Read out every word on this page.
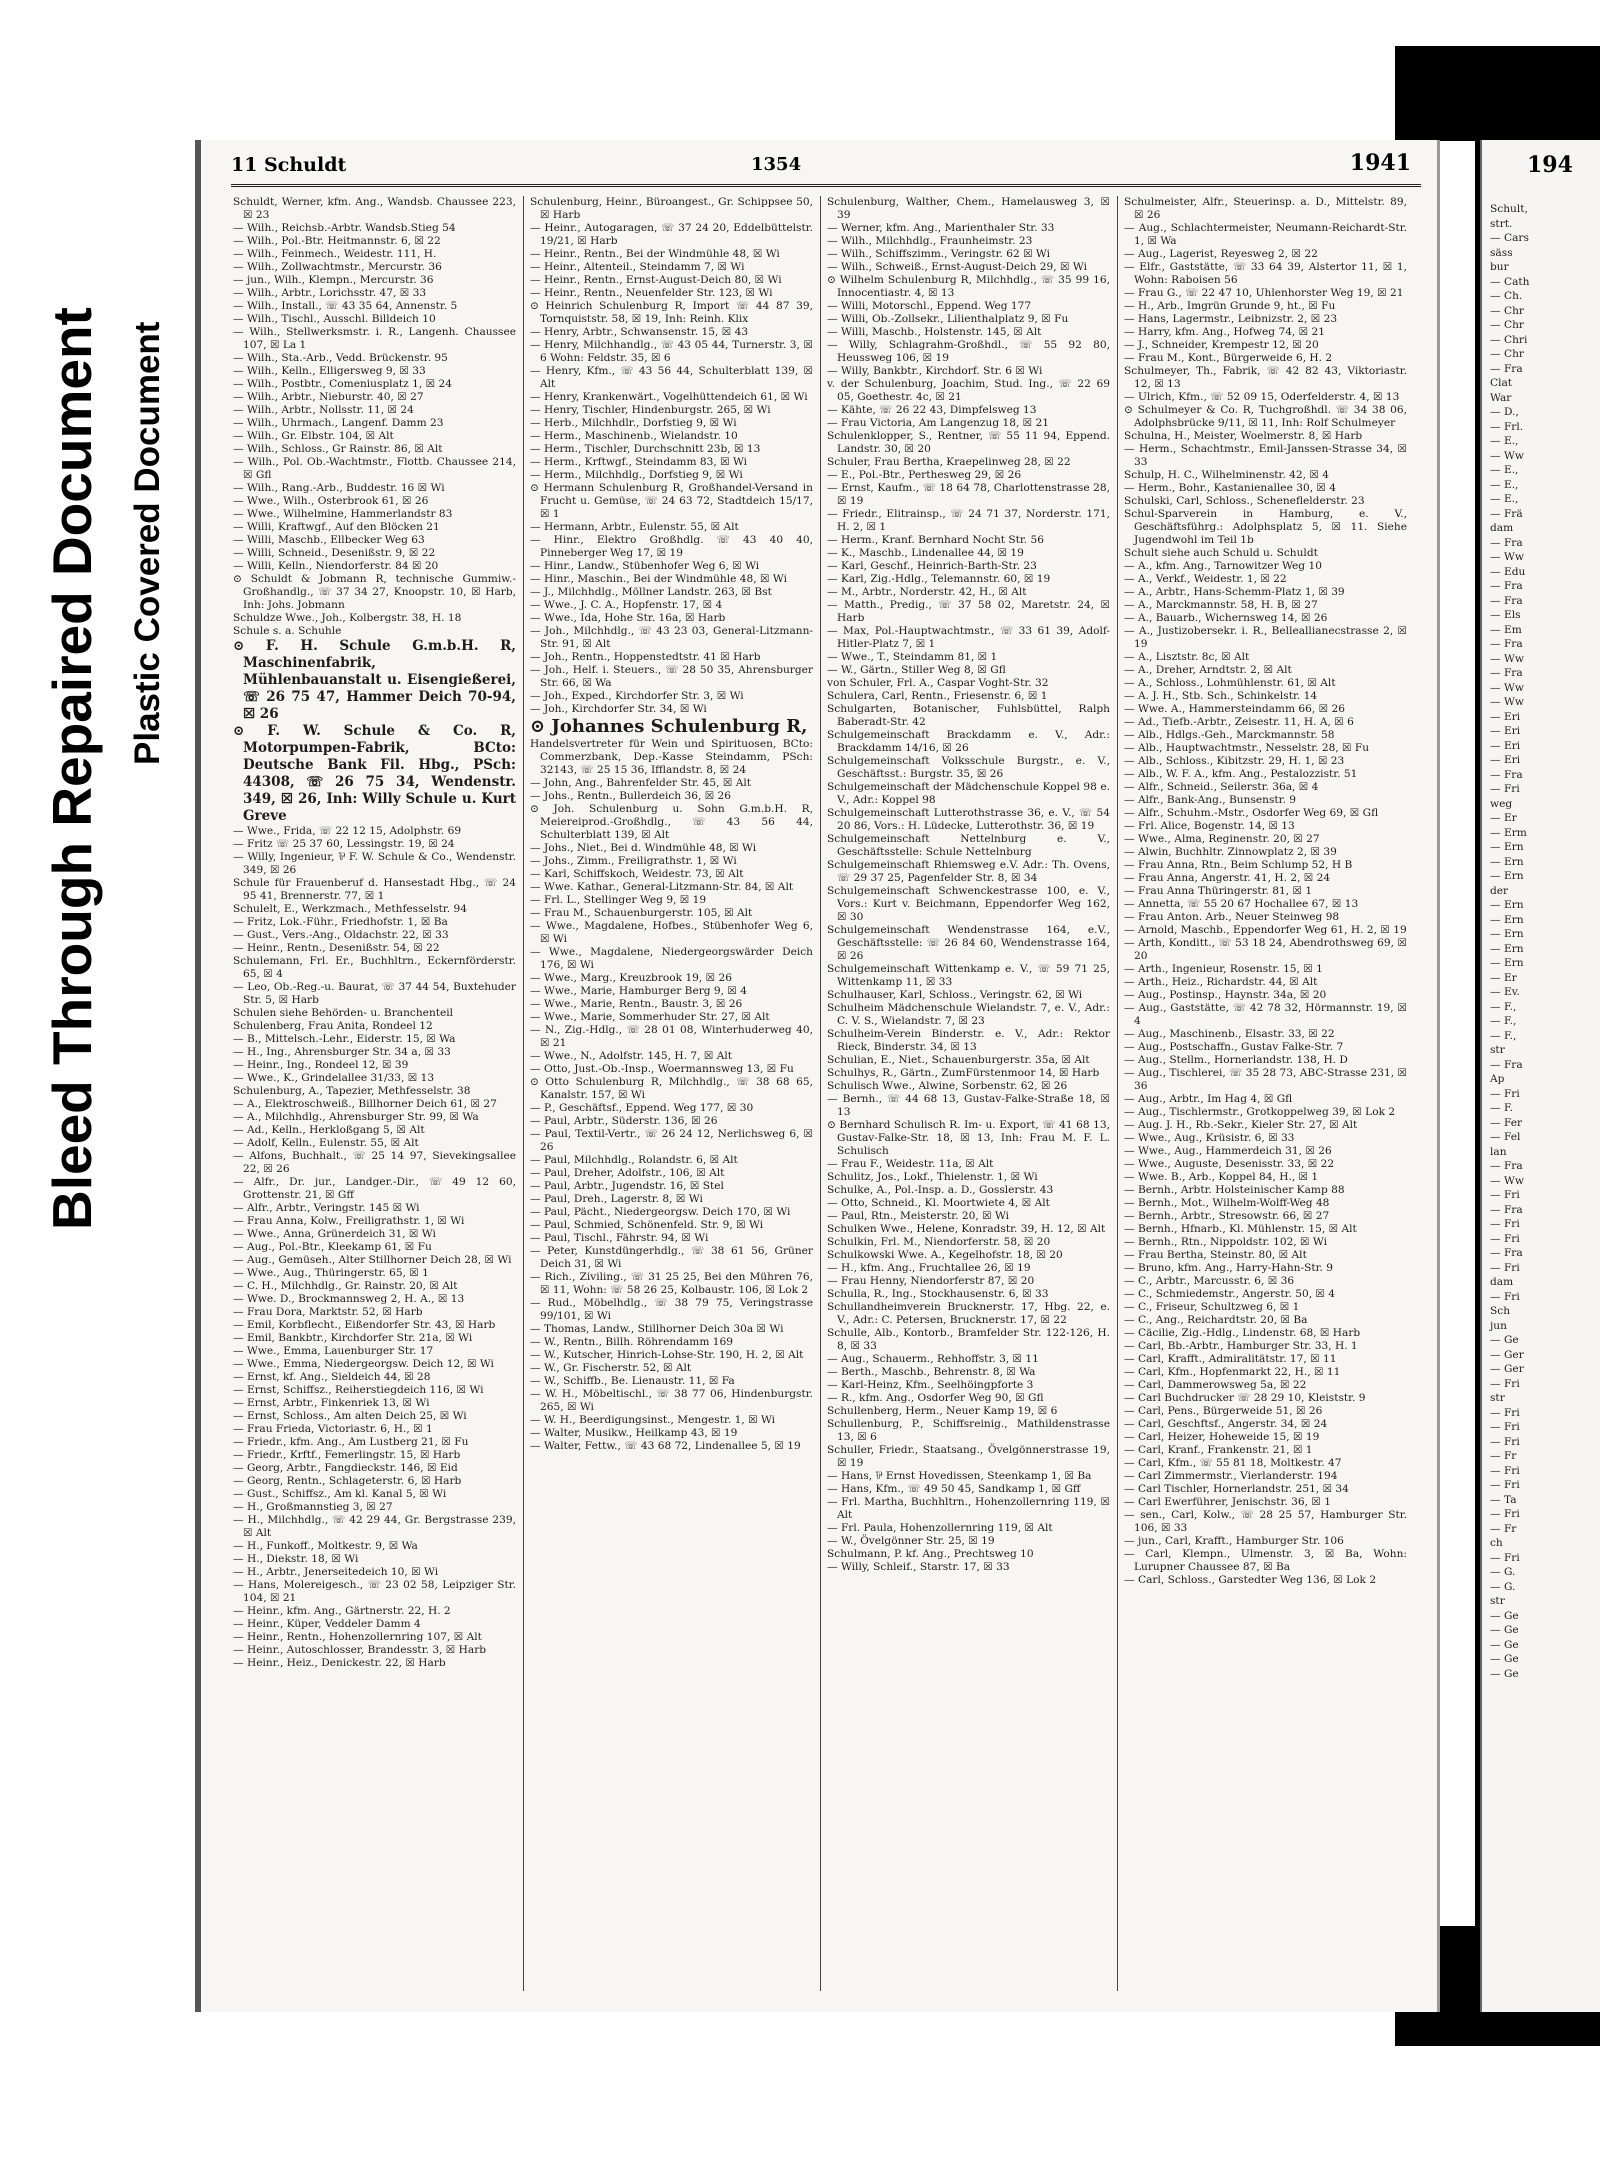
Bleed Through Repaired Document Plastic Covered Document
11 Schuldt	1354	1941

Schuldt, Werner, kfm. Ang., Wandsb. Chaussee 223, ☒ 23

— Wilh., Reichsb.-Arbtr. Wandsb.Stieg 54

— Wilh., Pol.-Btr. Heitmannstr. 6, ☒ 22

— Wilh., Feinmech., Weidestr. 111, H.

— Wilh., Zollwachtmstr., Mercurstr. 36

— jun., Wilh., Klempn., Mercurstr. 36

— Wilh., Arbtr., Lorichsstr. 47, ☒ 33

— Wilh., Install., ☏ 43 35 64, Annenstr. 5

— Wilh., Tischl., Ausschl. Billdeich 10

— Wilh., Stellwerksmstr. i. R., Langenh. Chaussee 107, ☒ La 1

— Wilh., Sta.-Arb., Vedd. Brückenstr. 95

— Wilh., Kelln., Elligersweg 9, ☒ 33

— Wilh., Postbtr., Comeniusplatz 1, ☒ 24

— Wilh., Arbtr., Nieburstr. 40, ☒ 27

— Wilh., Arbtr., Nollsstr. 11, ☒ 24

— Wilh., Uhrmach., Langenf. Damm 23

— Wilh., Gr. Elbstr. 104, ☒ Alt

— Wilh., Schloss., Gr Rainstr. 86, ☒ Alt

— Wilh., Pol. Ob.-Wachtmstr., Flottb. Chaussee 214, ☒ Gfl

— Wilh., Rang.-Arb., Buddestr. 16 ☒ Wi

— Wwe., Wilh., Osterbrook 61, ☒ 26

— Wwe., Wilhelmine, Hammerlandstr 83

— Willi, Kraftwgf., Auf den Blöcken 21

— Willi, Maschb., Ellbecker Weg 63

— Willi, Schneid., Desenißstr. 9, ☒ 22

— Willi, Kelln., Niendorferstr. 84 ☒ 20

⊙ Schuldt & Jobmann R, technische Gummiw.-Großhandlg., ☏ 37 34 27, Knoopstr. 10, ☒ Harb, Inh: Johs. Jobmann

Schuldze Wwe., Joh., Kolbergstr. 38, H. 18

Schule s. a. Schuhle

⊙ F. H. Schule G.m.b.H. R, Maschinenfabrik, Mühlenbauanstalt u. Eisengießerei, ☏ 26 75 47, Hammer Deich 70-94, ☒ 26

⊙ F. W. Schule & Co. R, Motorpumpen-Fabrik, BCto: Deutsche Bank Fil. Hbg., PSch: 44308, ☏ 26 75 34, Wendenstr. 349, ☒ 26, Inh: Willy Schule u. Kurt Greve

— Wwe., Frida, ☏ 22 12 15, Adolphstr. 69

— Fritz ☏ 25 37 60, Lessingstr. 19, ☒ 24

— Willy, Ingenieur, ⅌ F. W. Schule & Co., Wendenstr. 349, ☒ 26

Schule für Frauenberuf d. Hansestadt Hbg., ☏ 24 95 41, Brennerstr. 77, ☒ 1

Schulelt, E., Werkzmach., Methfesselstr. 94

— Fritz, Lok.-Führ., Friedhofstr. 1, ☒ Ba

— Gust., Vers.-Ang., Oldachstr. 22, ☒ 33

— Heinr., Rentn., Desenißstr. 54, ☒ 22

Schulemann, Frl. Er., Buchhltrn., Eckernförderstr. 65, ☒ 4

— Leo, Ob.-Reg.-u. Baurat, ☏ 37 44 54, Buxtehuder Str. 5, ☒ Harb

Schulen siehe Behörden- u. Branchenteil

Schulenberg, Frau Anita, Rondeel 12

— B., Mittelsch.-Lehr., Eiderstr. 15, ☒ Wa

— H., Ing., Ahrensburger Str. 34 a, ☒ 33

— Heinr., Ing., Rondeel 12, ☒ 39

— Wwe., K., Grindelallee 31/33, ☒ 13

Schulenburg, A., Tapezier, Methfesselstr. 38

— A., Elektroschweiß., Billhorner Deich 61, ☒ 27

— A., Milchhdlg., Ahrensburger Str. 99, ☒ Wa

— Ad., Kelln., Herkloßgang 5, ☒ Alt

— Adolf, Kelln., Eulenstr. 55, ☒ Alt

— Alfons, Buchhalt., ☏ 25 14 97, Sievekingsallee 22, ☒ 26

— Alfr., Dr. jur., Landger.-Dir., ☏ 49 12 60, Grottenstr. 21, ☒ Gff

— Alfr., Arbtr., Veringstr. 145 ☒ Wi

— Frau Anna, Kolw., Freiligrathstr. 1, ☒ Wi

— Wwe., Anna, Grünerdeich 31, ☒ Wi

— Aug., Pol.-Btr., Kleekamp 61, ☒ Fu

— Aug., Gemüseh., Alter Stillhorner Deich 28, ☒ Wi

— Wwe., Aug., Thüringerstr. 65, ☒ 1

— C. H., Milchhdlg., Gr. Rainstr. 20, ☒ Alt

— Wwe. D., Brockmannsweg 2, H. A., ☒ 13

— Frau Dora, Marktstr. 52, ☒ Harb

— Emil, Korbflecht., Eißendorfer Str. 43, ☒ Harb

— Emil, Bankbtr., Kirchdorfer Str. 21a, ☒ Wi

— Wwe., Emma, Lauenburger Str. 17

— Wwe., Emma, Niedergeorgsw. Deich 12, ☒ Wi

— Ernst, kf. Ang., Sieldeich 44, ☒ 28

— Ernst, Schiffsz., Reiherstiegdeich 116, ☒ Wi

— Ernst, Arbtr., Finkenriek 13, ☒ Wi

— Ernst, Schloss., Am alten Deich 25, ☒ Wi

— Frau Frieda, Victoriastr. 6, H., ☒ 1

— Friedr., kfm. Ang., Am Lustberg 21, ☒ Fu

— Friedr., Krftf., Femerlingstr. 15, ☒ Harb

— Georg, Arbtr., Fangdieckstr. 146, ☒ Eid

— Georg, Rentn., Schlageterstr. 6, ☒ Harb

— Gust., Schiffsz., Am kl. Kanal 5, ☒ Wi

— H., Großmannstieg 3, ☒ 27

— H., Milchhdlg., ☏ 42 29 44, Gr. Bergstrasse 239, ☒ Alt

— H., Funkoff., Moltkestr. 9, ☒ Wa

— H., Diekstr. 18, ☒ Wi

— H., Arbtr., Jenerseitedeich 10, ☒ Wi

— Hans, Molereigesch., ☏ 23 02 58, Leipziger Str. 104, ☒ 21

— Heinr., kfm. Ang., Gärtnerstr. 22, H. 2

— Heinr., Küper, Veddeler Damm 4

— Heinr., Rentn., Hohenzollernring 107, ☒ Alt

— Heinr., Autoschlosser, Brandesstr. 3, ☒ Harb

— Heinr., Heiz., Denickestr. 22, ☒ Harb

Schulenburg, Heinr., Büroangest., Gr. Schippsee 50, ☒ Harb

— Heinr., Autogaragen, ☏ 37 24 20, Eddelbüttelstr. 19/21, ☒ Harb

— Heinr., Rentn., Bei der Windmühle 48, ☒ Wi

— Heinr., Altenteil., Steindamm 7, ☒ Wi

— Heinr., Rentn., Ernst-August-Deich 80, ☒ Wi

— Heinr., Rentn., Neuenfelder Str. 123, ☒ Wi

⊙ Heinrich Schulenburg R, Import ☏ 44 87 39, Tornquiststr. 58, ☒ 19, Inh: Reinh. Klix

— Henry, Arbtr., Schwansenstr. 15, ☒ 43

— Henry, Milchhandlg., ☏ 43 05 44, Turnerstr. 3, ☒ 6 Wohn: Feldstr. 35, ☒ 6

— Henry, Kfm., ☏ 43 56 44, Schulterblatt 139, ☒ Alt

— Henry, Krankenwärt., Vogelhüttendeich 61, ☒ Wi

— Henry, Tischler, Hindenburgstr. 265, ☒ Wi

— Herb., Milchhdlr., Dorfstieg 9, ☒ Wi

— Herm., Maschinenb., Wielandstr. 10

— Herm., Tischler, Durchschnitt 23b, ☒ 13

— Herm., Krftwgf., Steindamm 83, ☒ Wi

— Herm., Milchhdlg., Dorfstieg 9, ☒ Wi

⊙ Hermann Schulenburg R, Großhandel-Versand in Frucht u. Gemüse, ☏ 24 63 72, Stadtdeich 15/17, ☒ 1

— Hermann, Arbtr., Eulenstr. 55, ☒ Alt

— Hinr., Elektro Großhdlg. ☏ 43 40 40, Pinneberger Weg 17, ☒ 19

— Hinr., Landw., Stübenhofer Weg 6, ☒ Wi

— Hinr., Maschin., Bei der Windmühle 48, ☒ Wi

— J., Milchhdlg., Möllner Landstr. 263, ☒ Bst

— Wwe., J. C. A., Hopfenstr. 17, ☒ 4

— Wwe., Ida, Hohe Str. 16a, ☒ Harb

— Joh., Milchhdlg., ☏ 43 23 03, General-Litzmann-Str. 91, ☒ Alt

— Joh., Rentn., Hoppenstedtstr. 41 ☒ Harb

— Joh., Helf. i. Steuers., ☏ 28 50 35, Ahrensburger Str. 66, ☒ Wa

— Joh., Exped., Kirchdorfer Str. 3, ☒ Wi

— Joh., Kirchdorfer Str. 34, ☒ Wi

⊙ Johannes Schulenburg R,

Handelsvertreter für Wein und Spirituosen, BCto: Commerzbank, Dep.-Kasse Steindamm, PSch: 32143, ☏ 25 15 36, Ifflandstr. 8, ☒ 24

— John, Ang., Bahrenfelder Str. 45, ☒ Alt

— Johs., Rentn., Bullerdeich 36, ☒ 26

⊙ Joh. Schulenburg u. Sohn G.m.b.H. R, Meiereiprod.-Großhdlg., ☏ 43 56 44, Schulterblatt 139, ☒ Alt

— Johs., Niet., Bei d. Windmühle 48, ☒ Wi

— Johs., Zimm., Freiligrathstr. 1, ☒ Wi

— Karl, Schiffskoch, Weidestr. 73, ☒ Alt

— Wwe. Kathar., General-Litzmann-Str. 84, ☒ Alt

— Frl. L., Stellinger Weg 9, ☒ 19

— Frau M., Schauenburgerstr. 105, ☒ Alt

— Wwe., Magdalene, Hofbes., Stübenhofer Weg 6, ☒ Wi

— Wwe., Magdalene, Niedergeorgswärder Deich 176, ☒ Wi

— Wwe., Marg., Kreuzbrook 19, ☒ 26

— Wwe., Marie, Hamburger Berg 9, ☒ 4

— Wwe., Marie, Rentn., Baustr. 3, ☒ 26

— Wwe., Marie, Sommerhuder Str. 27, ☒ Alt

— N., Zig.-Hdlg., ☏ 28 01 08, Winterhuderweg 40, ☒ 21

— Wwe., N., Adolfstr. 145, H. 7, ☒ Alt

— Otto, Just.-Ob.-Insp., Woermannsweg 13, ☒ Fu

⊙ Otto Schulenburg R, Milchhdlg., ☏ 38 68 65, Kanalstr. 157, ☒ Wi

— P., Geschäftsf., Eppend. Weg 177, ☒ 30

— Paul, Arbtr., Süderstr. 136, ☒ 26

— Paul, Textil-Vertr., ☏ 26 24 12, Nerlichsweg 6, ☒ 26

— Paul, Milchhdlg., Rolandstr. 6, ☒ Alt

— Paul, Dreher, Adolfstr., 106, ☒ Alt

— Paul, Arbtr., Jugendstr. 16, ☒ Stel

— Paul, Dreh., Lagerstr. 8, ☒ Wi

— Paul, Pächt., Niedergeorgsw. Deich 170, ☒ Wi

— Paul, Schmied, Schönenfeld. Str. 9, ☒ Wi

— Paul, Tischl., Fährstr. 94, ☒ Wi

— Peter, Kunstdüngerhdlg., ☏ 38 61 56, Grüner Deich 31, ☒ Wi

— Rich., Ziviling., ☏ 31 25 25, Bei den Mühren 76, ☒ 11, Wohn: ☏ 58 26 25, Kolbaustr. 106, ☒ Lok 2

— Rud., Möbelhdlg., ☏ 38 79 75, Veringstrasse 99/101, ☒ Wi

— Thomas, Landw., Stillhorner Deich 30a ☒ Wi

— W., Rentn., Billh. Röhrendamm 169

— W., Kutscher, Hinrich-Lohse-Str. 190, H. 2, ☒ Alt

— W., Gr. Fischerstr. 52, ☒ Alt

— W., Schiffb., Be. Lienaustr. 11, ☒ Fa

— W. H., Möbeltischl., ☏ 38 77 06, Hindenburgstr. 265, ☒ Wi

— W. H., Beerdigungsinst., Mengestr. 1, ☒ Wi

— Walter, Musikw., Heilkamp 43, ☒ 19

— Walter, Fettw., ☏ 43 68 72, Lindenallee 5, ☒ 19

Schulenburg, Walther, Chem., Hamelausweg 3, ☒ 39

— Werner, kfm. Ang., Marienthaler Str. 33

— Wilh., Milchhdlg., Fraunheimstr. 23

— Wilh., Schiffszimm., Veringstr. 62 ☒ Wi

— Wilh., Schweiß., Ernst-August-Deich 29, ☒ Wi

⊙ Wilhelm Schulenburg R, Milchhdlg., ☏ 35 99 16, Innocentiastr. 4, ☒ 13

— Willi, Motorschl., Eppend. Weg 177

— Willi, Ob.-Zollsekr., Lilienthalplatz 9, ☒ Fu

— Willi, Maschb., Holstenstr. 145, ☒ Alt

— Willy, Schlagrahm-Großhdl., ☏ 55 92 80, Heussweg 106, ☒ 19

— Willy, Bankbtr., Kirchdorf. Str. 6 ☒ Wi

v. der Schulenburg, Joachim, Stud. Ing., ☏ 22 69 05, Goethestr. 4c, ☒ 21

— Kähte, ☏ 26 22 43, Dimpfelsweg 13

— Frau Victoria, Am Langenzug 18, ☒ 21

Schulenklopper, S., Rentner, ☏ 55 11 94, Eppend. Landstr. 30, ☒ 20

Schuler, Frau Bertha, Kraepelinweg 28, ☒ 22

— E., Pol.-Btr., Perthesweg 29, ☒ 26

— Ernst, Kaufm., ☏ 18 64 78, Charlottenstrasse 28, ☒ 19

— Friedr., Elitrainsp., ☏ 24 71 37, Norderstr. 171, H. 2, ☒ 1

— Herm., Kranf. Bernhard Nocht Str. 56

— K., Maschb., Lindenallee 44, ☒ 19

— Karl, Geschf., Heinrich-Barth-Str. 23

— Karl, Zig.-Hdlg., Telemannstr. 60, ☒ 19

— M., Arbtr., Norderstr. 42, H., ☒ Alt

— Matth., Predig., ☏ 37 58 02, Maretstr. 24, ☒ Harb

— Max, Pol.-Hauptwachtmstr., ☏ 33 61 39, Adolf-Hitler-Platz 7, ☒ 1

— Wwe., T., Steindamm 81, ☒ 1

— W., Gärtn., Stiller Weg 8, ☒ Gfl

von Schuler, Frl. A., Caspar Voght-Str. 32

Schulera, Carl, Rentn., Friesenstr. 6, ☒ 1

Schulgarten, Botanischer, Fuhlsbüttel, Ralph Baberadt-Str. 42

Schulgemeinschaft Brackdamm e. V., Adr.: Brackdamm 14/16, ☒ 26

Schulgemeinschaft Volksschule Burgstr., e. V., Geschäftsst.: Burgstr. 35, ☒ 26

Schulgemeinschaft der Mädchenschule Koppel 98 e. V., Adr.: Koppel 98

Schulgemeinschaft Lutterothstrasse 36, e. V., ☏ 54 20 86, Vors.: H. Lüdecke, Lutterothstr. 36, ☒ 19

Schulgemeinschaft Nettelnburg e. V., Geschäftsstelle: Schule Nettelnburg

Schulgemeinschaft Rhiemsweg e.V. Adr.: Th. Ovens, ☏ 29 37 25, Pagenfelder Str. 8, ☒ 34

Schulgemeinschaft Schwenckestrasse 100, e. V., Vors.: Kurt v. Beichmann, Eppendorfer Weg 162, ☒ 30

Schulgemeinschaft Wendenstrasse 164, e.V., Geschäftsstelle: ☏ 26 84 60, Wendenstrasse 164, ☒ 26

Schulgemeinschaft Wittenkamp e. V., ☏ 59 71 25, Wittenkamp 11, ☒ 33

Schulhauser, Karl, Schloss., Veringstr. 62, ☒ Wi

Schulheim Mädchenschule Wielandstr. 7, e. V., Adr.: C. V. S., Wielandstr. 7, ☒ 23

Schulheim-Verein Binderstr. e. V., Adr.: Rektor Rieck, Binderstr. 34, ☒ 13

Schulian, E., Niet., Schauenburgerstr. 35a, ☒ Alt

Schulhys, R., Gärtn., ZumFürstenmoor 14, ☒ Harb

Schulisch Wwe., Alwine, Sorbenstr. 62, ☒ 26

— Bernh., ☏ 44 68 13, Gustav-Falke-Straße 18, ☒ 13

⊙ Bernhard Schulisch R. Im- u. Export, ☏ 41 68 13, Gustav-Falke-Str. 18, ☒ 13, Inh: Frau M. F. L. Schulisch

— Frau F., Weidestr. 11a, ☒ Alt

Schulitz, Jos., Lokf., Thielenstr. 1, ☒ Wi

Schulke, A., Pol.-Insp. a. D., Gosslerstr. 43

— Otto, Schneid., Kl. Moortwiete 4, ☒ Alt

— Paul, Rtn., Meisterstr. 20, ☒ Wi

Schulken Wwe., Helene, Konradstr. 39, H. 12, ☒ Alt

Schulkin, Frl. M., Niendorferstr. 58, ☒ 20

Schulkowski Wwe. A., Kegelhofstr. 18, ☒ 20

— H., kfm. Ang., Fruchtallee 26, ☒ 19

— Frau Henny, Niendorferstr 87, ☒ 20

Schulla, R., Ing., Stockhausenstr. 6, ☒ 33

Schullandheimverein Brucknerstr. 17, Hbg. 22, e. V., Adr.: C. Petersen, Brucknerstr. 17, ☒ 22

Schulle, Alb., Kontorb., Bramfelder Str. 122-126, H. 8, ☒ 33

— Aug., Schauerm., Rehhoffstr. 3, ☒ 11

— Berth., Maschb., Behrenstr. 8, ☒ Wa

— Karl-Heinz, Kfm., Seelhöingpforte 3

— R., kfm. Ang., Osdorfer Weg 90, ☒ Gfl

Schullenberg, Herm., Neuer Kamp 19, ☒ 6

Schullenburg, P., Schiffsreinig., Mathildenstrasse 13, ☒ 6

Schuller, Friedr., Staatsang., Övelgönnerstrasse 19, ☒ 19

— Hans, ⅌ Ernst Hovedissen, Steenkamp 1, ☒ Ba

— Hans, Kfm., ☏ 49 50 45, Sandkamp 1, ☒ Gff

— Frl. Martha, Buchhltrn., Hohenzollernring 119, ☒ Alt

— Frl. Paula, Hohenzollernring 119, ☒ Alt

— W., Övelgönner Str. 25, ☒ 19

Schulmann, P. kf. Ang., Prechtsweg 10

— Willy, Schleif., Starstr. 17, ☒ 33

Schulmeister, Alfr., Steuerinsp. a. D., Mittelstr. 89, ☒ 26

— Aug., Schlachtermeister, Neumann-Reichardt-Str. 1, ☒ Wa

— Aug., Lagerist, Reyesweg 2, ☒ 22

— Elfr., Gaststätte, ☏ 33 64 39, Alstertor 11, ☒ 1, Wohn: Raboisen 56

— Frau G., ☏ 22 47 10, Uhlenhorster Weg 19, ☒ 21

— H., Arb., Imgrün Grunde 9, ht., ☒ Fu

— Hans, Lagermstr., Leibnizstr. 2, ☒ 23

— Harry, kfm. Ang., Hofweg 74, ☒ 21

— J., Schneider, Krempestr 12, ☒ 20

— Frau M., Kont., Bürgerweide 6, H. 2

Schulmeyer, Th., Fabrik, ☏ 42 82 43, Viktoriastr. 12, ☒ 13

— Ulrich, Kfm., ☏ 52 09 15, Oderfelderstr. 4, ☒ 13

⊙ Schulmeyer & Co. R, Tuchgroßhdl. ☏ 34 38 06, Adolphsbrücke 9/11, ☒ 11, Inh: Rolf Schulmeyer

Schulna, H., Meister, Woelmerstr. 8, ☒ Harb

— Herm., Schachtmstr., Emil-Janssen-Strasse 34, ☒ 33

Schulp, H. C., Wilhelminenstr. 42, ☒ 4

— Herm., Bohr., Kastanienallee 30, ☒ 4

Schulski, Carl, Schloss., Scheneflelderstr. 23

Schul-Sparverein in Hamburg, e. V., Geschäftsführg.: Adolphsplatz 5, ☒ 11. Siehe Jugendwohl im Teil 1b

Schult siehe auch Schuld u. Schuldt

— A., kfm. Ang., Tarnowitzer Weg 10

— A., Verkf., Weidestr. 1, ☒ 22

— A., Arbtr., Hans-Schemm-Platz 1, ☒ 39

— A., Marckmannstr. 58, H. B, ☒ 27

— A., Bauarb., Wichernsweg 14, ☒ 26

— A., Justizobersekr. i. R., Belleallianecstrasse 2, ☒ 19

— A., Lisztstr. 8c, ☒ Alt

— A., Dreher, Arndtstr. 2, ☒ Alt

— A., Schloss., Lohmühlenstr. 61, ☒ Alt

— A. J. H., Stb. Sch., Schinkelstr. 14

— Wwe. A., Hammersteindamm 66, ☒ 26

— Ad., Tiefb.-Arbtr., Zeisestr. 11, H. A, ☒ 6

— Alb., Hdlgs.-Geh., Marckmannstr. 58

— Alb., Hauptwachtmstr., Nesselstr. 28, ☒ Fu

— Alb., Schloss., Kibitzstr. 29, H. 1, ☒ 23

— Alb., W. F. A., kfm. Ang., Pestalozzistr. 51

— Alfr., Schneid., Seilerstr. 36a, ☒ 4

— Alfr., Bank-Ang., Bunsenstr. 9

— Alfr., Schuhm.-Mstr., Osdorfer Weg 69, ☒ Gfl

— Frl. Alice, Bogenstr. 14, ☒ 13

— Wwe., Alma, Reginenstr. 20, ☒ 27

— Alwin, Buchhltr. Zinnowplatz 2, ☒ 39

— Frau Anna, Rtn., Beim Schlump 52, H B

— Frau Anna, Angerstr. 41, H. 2, ☒ 24

— Frau Anna Thüringerstr. 81, ☒ 1

— Annetta, ☏ 55 20 67 Hochallee 67, ☒ 13

— Frau Anton. Arb., Neuer Steinweg 98

— Arnold, Maschb., Eppendorfer Weg 61, H. 2, ☒ 19

— Arth, Konditt., ☏ 53 18 24, Abendrothsweg 69, ☒ 20

— Arth., Ingenieur, Rosenstr. 15, ☒ 1

— Arth., Heiz., Richardstr. 44, ☒ Alt

— Aug., Postinsp., Haynstr. 34a, ☒ 20

— Aug., Gaststätte, ☏ 42 78 32, Hörmannstr. 19, ☒ 4

— Aug., Maschinenb., Elsastr. 33, ☒ 22

— Aug., Postschaffn., Gustav Falke-Str. 7

— Aug., Stellm., Hornerlandstr. 138, H. D

— Aug., Tischlerei, ☏ 35 28 73, ABC-Strasse 231, ☒ 36

— Aug., Arbtr., Im Hag 4, ☒ Gfl

— Aug., Tischlermstr., Grotkoppelweg 39, ☒ Lok 2

— Aug. J. H., Rb.-Sekr., Kieler Str. 27, ☒ Alt

— Wwe., Aug., Krüsistr. 6, ☒ 33

— Wwe., Aug., Hammerdeich 31, ☒ 26

— Wwe., Auguste, Desenisstr. 33, ☒ 22

— Wwe. B., Arb., Koppel 84, H., ☒ 1

— Bernh., Arbtr. Holsteinischer Kamp 88

— Bernh., Mot., Wilhelm-Wolff-Weg 48

— Bernh., Arbtr., Stresowstr. 66, ☒ 27

— Bernh., Hfnarb., Kl. Mühlenstr. 15, ☒ Alt

— Bernh., Rtn., Nippoldstr. 102, ☒ Wi

— Frau Bertha, Steinstr. 80, ☒ Alt

— Bruno, kfm. Ang., Harry-Hahn-Str. 9

— C., Arbtr., Marcusstr. 6, ☒ 36

— C., Schmiedemstr., Angerstr. 50, ☒ 4

— C., Friseur, Schultzweg 6, ☒ 1

— C., Ang., Reichardtstr. 20, ☒ Ba

— Cäcilie, Zig.-Hdlg., Lindenstr. 68, ☒ Harb

— Carl, Bb.-Arbtr., Hamburger Str. 33, H. 1

— Carl, Krafft., Admiralitätstr. 17, ☒ 11

— Carl, Kfm., Hopfenmarkt 22, H., ☒ 11

— Carl, Dammerowsweg 5a, ☒ 22

— Carl Buchdrucker ☏ 28 29 10, Kleiststr. 9

— Carl, Pens., Bürgerweide 51, ☒ 26

— Carl, Geschftsf., Angerstr. 34, ☒ 24

— Carl, Heizer, Hoheweide 15, ☒ 19

— Carl, Kranf., Frankenstr. 21, ☒ 1

— Carl, Kfm., ☏ 55 81 18, Moltkestr. 47

— Carl Zimmermstr., Vierlanderstr. 194

— Carl Tischler, Hornerlandstr. 251, ☒ 34

— Carl Ewerführer, Jenischstr. 36, ☒ 1

— sen., Carl, Kolw., ☏ 28 25 57, Hamburger Str. 106, ☒ 33

— jun., Carl, Krafft., Hamburger Str. 106

— Carl, Klempn., Ulmenstr. 3, ☒ Ba, Wohn: Lurupner Chaussee 87, ☒ Ba

— Carl, Schloss., Garstedter Weg 136, ☒ Lok 2

194
Schult,
strt.
— Cars
säss
bur
— Cath
— Ch.
— Chr
— Chr
— Chri
— Chr
— Fra
Clat
War
— D.,
— Frl.
— E.,
— Ww
— E.,
— E.,
— E.,
— Frä
dam
— Fra
— Ww
— Edu
— Fra
— Fra
— Els
— Em
— Fra
— Ww
— Fra
— Ww
— Ww
— Eri
— Eri
— Eri
— Eri
— Fra
— Fri
weg
— Er
— Erm
— Ern
— Ern
— Ern
der
— Ern
— Ern
— Ern
— Ern
— Ern
— Er
— Ev.
— F.,
— F.,
— F.,
str
— Fra
Ap
— Fri
— F.
— Fer
— Fel
lan
— Fra
— Ww
— Fri
— Fra
— Fri
— Fri
— Fra
— Fri
dam
— Fri
Sch
jun
— Ge
— Ger
— Ger
— Fri
str
— Fri
— Fri
— Fri
— Fr
— Fri
— Fri
— Ta
— Fri
— Fr
ch
— Fri
— G.
— G.
str
— Ge
— Ge
— Ge
— Ge
— Ge
